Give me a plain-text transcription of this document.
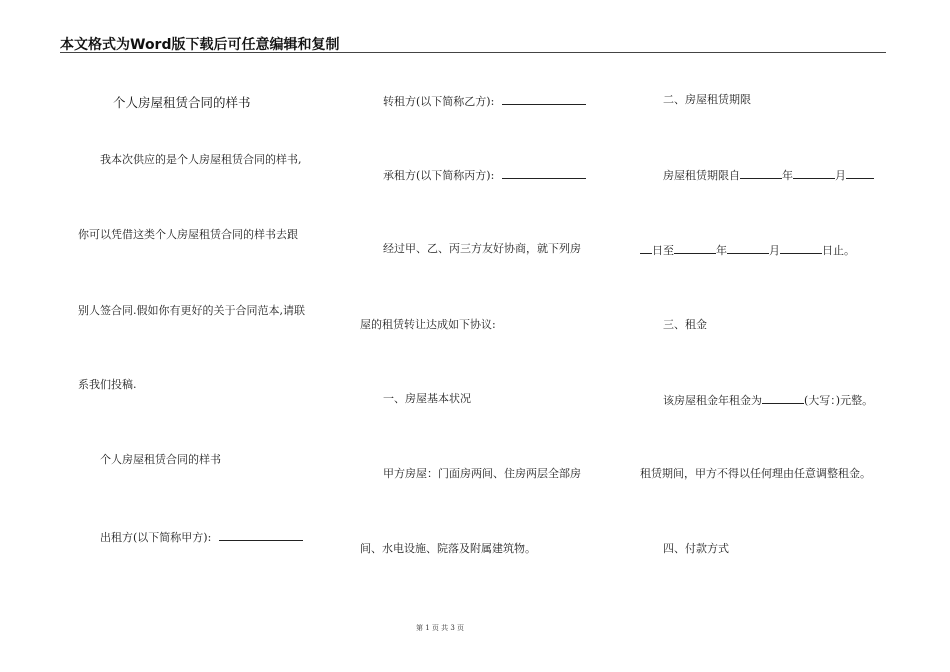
本文格式为Word版下载后可任意编辑和复制
个人房屋租赁合同的样书
我本次供应的是个人房屋租赁合同的样书,
你可以凭借这类个人房屋租赁合同的样书去跟
别人签合同.假如你有更好的关于合同范本,请联
系我们投稿.
个人房屋租赁合同的样书
出租方(以下简称甲方):
转租方(以下简称乙方):
承租方(以下简称丙方):
经过甲、乙、丙三方友好协商，就下列房
屋的租赁转让达成如下协议:
一、房屋基本状况
甲方房屋：门面房两间、住房两层全部房
间、水电设施、院落及附属建筑物。
二、房屋租赁期限
房屋租赁期限自	年	月
日至	年	月	日止。
三、租金
该房屋租金年租金为	(大写：)元整。
租赁期间，甲方不得以任何理由任意调整租金。
四、付款方式
第 1 页 共 3 页
